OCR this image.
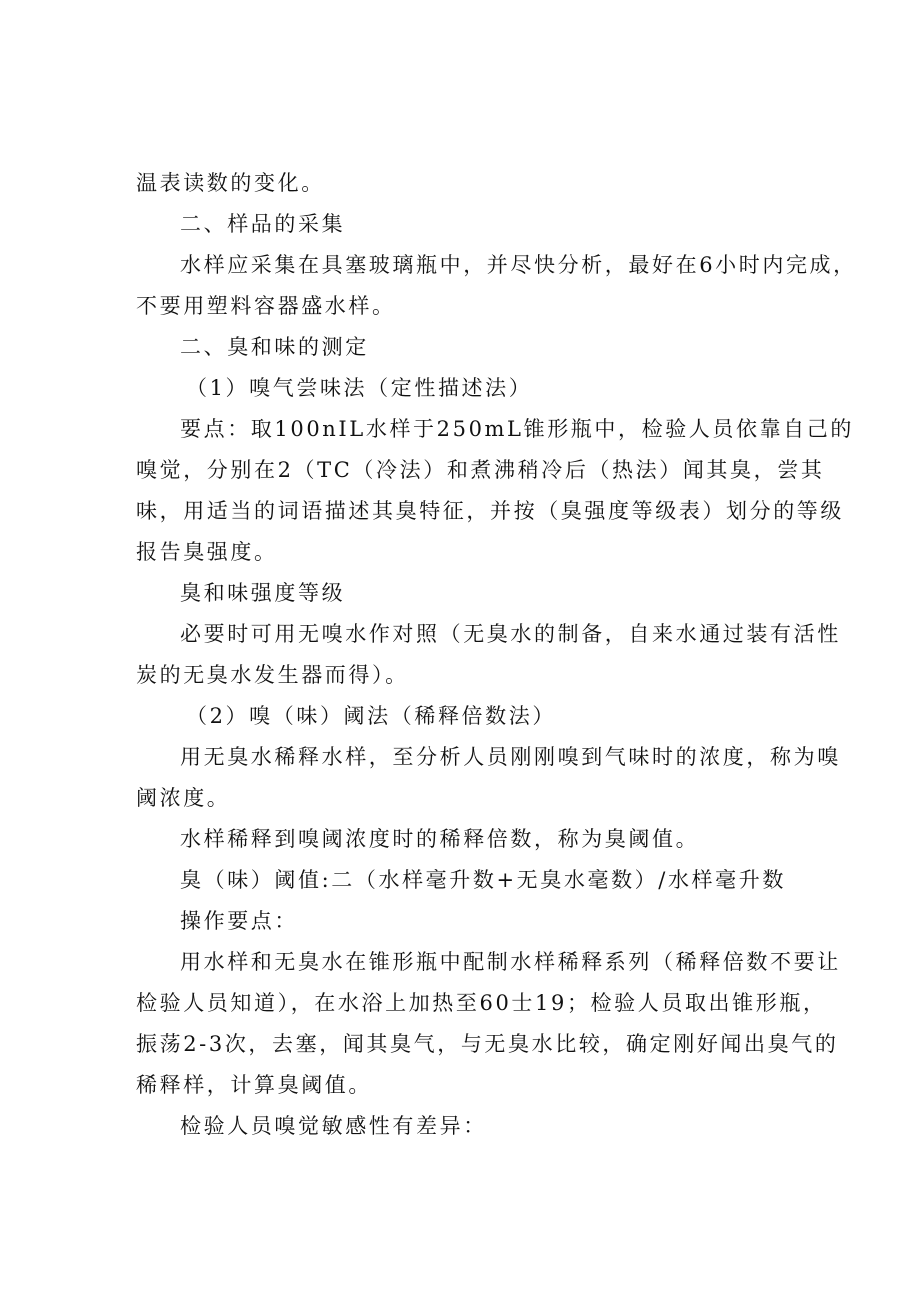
温表读数的变化。
二、样品的采集
水样应采集在具塞玻璃瓶中，并尽快分析，最好在6小时内完成，
不要用塑料容器盛水样。
二、臭和味的测定
（1）嗅气尝味法（定性描述法）
要点：取100nIL水样于250mL锥形瓶中，检验人员依靠自己的
嗅觉，分别在2（TC（冷法）和煮沸稍冷后（热法）闻其臭，尝其
味，用适当的词语描述其臭特征，并按（臭强度等级表）划分的等级
报告臭强度。
臭和味强度等级
必要时可用无嗅水作对照（无臭水的制备，自来水通过装有活性
炭的无臭水发生器而得）。
（2）嗅（味）阈法（稀释倍数法）
用无臭水稀释水样，至分析人员刚刚嗅到气味时的浓度，称为嗅
阈浓度。
水样稀释到嗅阈浓度时的稀释倍数，称为臭阈值。
臭（味）阈值:二（水样毫升数+无臭水毫数）/水样毫升数
操作要点：
用水样和无臭水在锥形瓶中配制水样稀释系列（稀释倍数不要让
检验人员知道），在水浴上加热至60士19；检验人员取出锥形瓶，
振荡2-3次，去塞，闻其臭气，与无臭水比较，确定刚好闻出臭气的
稀释样，计算臭阈值。
检验人员嗅觉敏感性有差异：
